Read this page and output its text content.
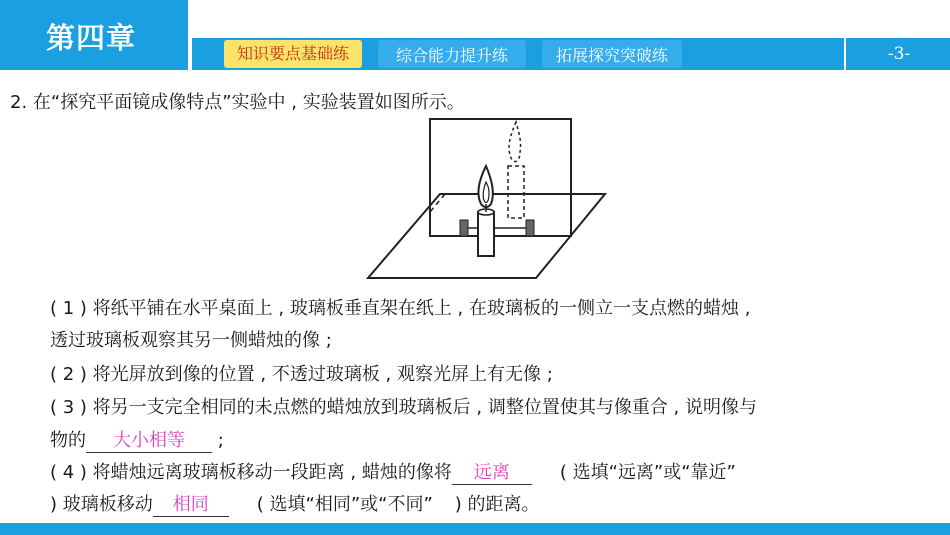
第四章	知识要点基础练	综合能力提升练	拓展探究突破练	-3-
2. 在“探究平面镜成像特点”实验中 , 实验装置如图所示。
( 1 ) 将纸平铺在水平桌面上 , 玻璃板垂直架在纸上 , 在玻璃板的一侧立一支点燃的蜡烛 ,
透过玻璃板观察其另一侧蜡烛的像 ;
( 2 ) 将光屏放到像的位置 , 不透过玻璃板 , 观察光屏上有无像 ;
( 3 ) 将另一支完全相同的未点燃的蜡烛放到玻璃板后 , 调整位置使其与像重合 , 说明像与
物的 大小相等 ;
( 4 ) 将蜡烛远离玻璃板移动一段距离 , 蜡烛的像将 远离	( 选填“远离”或“靠近”
) 玻璃板移动 相同	( 选填“相同”或“不同” ) 的距离。
